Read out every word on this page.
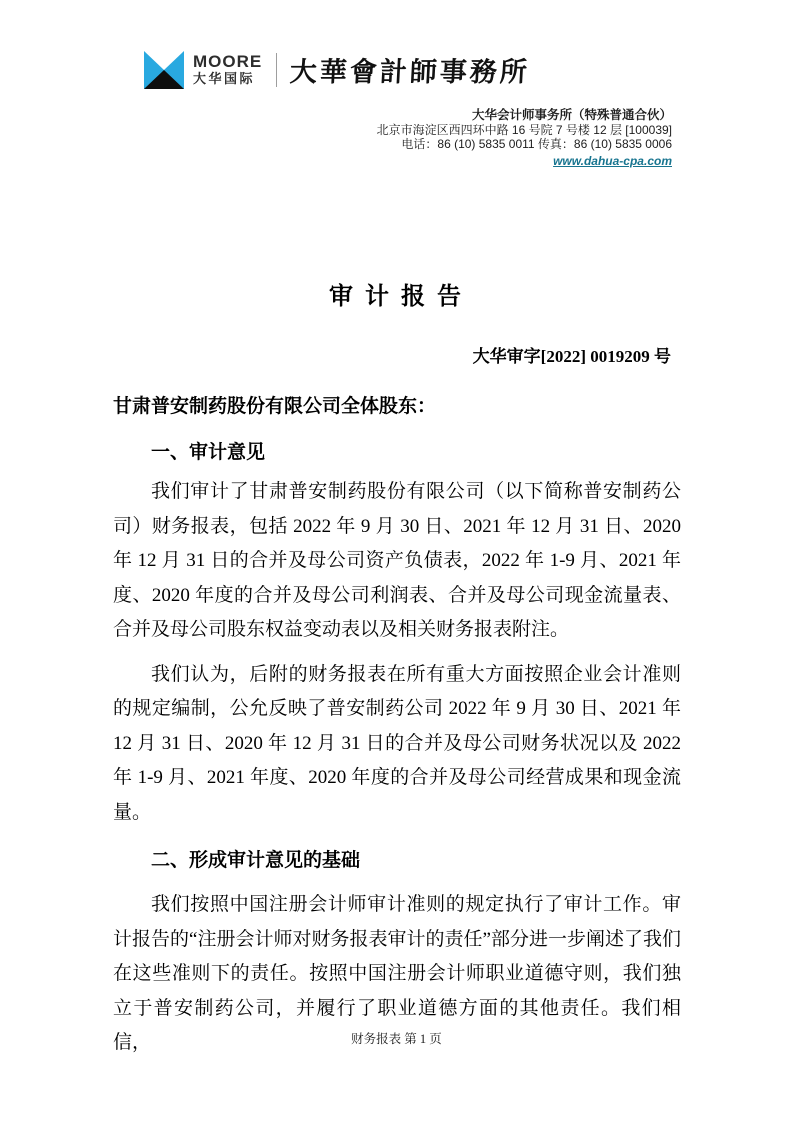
MOORE
大华国际 大華會計師事務所
大华会计师事务所（特殊普通合伙）
北京市海淀区西四环中路 16 号院 7 号楼 12 层 [100039]
电话：86 (10) 5835 0011 传真：86 (10) 5835 0006
www.dahua-cpa.com
审 计 报 告
大华审字[2022] 0019209 号
甘肃普安制药股份有限公司全体股东：
一、审计意见

我们审计了甘肃普安制药股份有限公司（以下简称普安制药公司）财务报表，包括 2022 年 9 月 30 日、2021 年 12 月 31 日、2020 年 12 月 31 日的合并及母公司资产负债表，2022 年 1-9 月、2021 年度、2020 年度的合并及母公司利润表、合并及母公司现金流量表、合并及母公司股东权益变动表以及相关财务报表附注。

我们认为，后附的财务报表在所有重大方面按照企业会计准则的规定编制，公允反映了普安制药公司 2022 年 9 月 30 日、2021 年 12 月 31 日、2020 年 12 月 31 日的合并及母公司财务状况以及 2022 年 1-9 月、2021 年度、2020 年度的合并及母公司经营成果和现金流量。

二、形成审计意见的基础

我们按照中国注册会计师审计准则的规定执行了审计工作。审计报告的“注册会计师对财务报表审计的责任”部分进一步阐述了我们在这些准则下的责任。按照中国注册会计师职业道德守则，我们独立于普安制药公司，并履行了职业道德方面的其他责任。我们相信，	财务报表 第 1 页
